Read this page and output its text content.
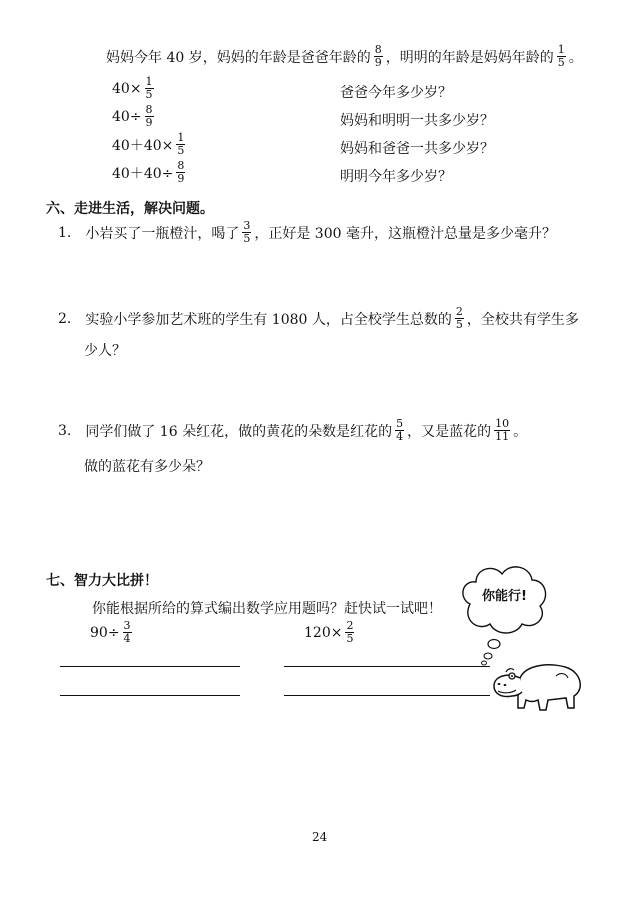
妈妈今年 40 岁，妈妈的年龄是爸爸年龄的 $\frac{8}{9}$ ，明明的年龄是妈妈年龄的 $\frac{1}{5}$ 。
$40\times \frac{1}{5}$
$40\div \frac{8}{9}$
$40+40\times \frac{1}{5}$
$40+40\div \frac{8}{9}$
爸爸今年多少岁？
妈妈和明明一共多少岁？
妈妈和爸爸一共多少岁？
明明今年多少岁？
六、走进生活，解决问题。
1. 小岩买了一瓶橙汁，喝了 $\frac{3}{5}$ ，正好是 300 毫升，这瓶橙汁总量是多少毫升？
2. 实验小学参加艺术班的学生有 1080 人，占全校学生总数的 $\frac{2}{5}$ ，全校共有学生多
少人？
3. 同学们做了 16 朵红花，做的黄花的朵数是红花的 $\frac{5}{4}$ ，又是蓝花的 $\frac{10}{11}$ 。
做的蓝花有多少朵？
七、智力大比拼！
你能根据所给的算式编出数学应用题吗？赶快试一试吧！
$90\div \frac{3}{4}$	$120\times \frac{2}{5}$
你能行!
24
